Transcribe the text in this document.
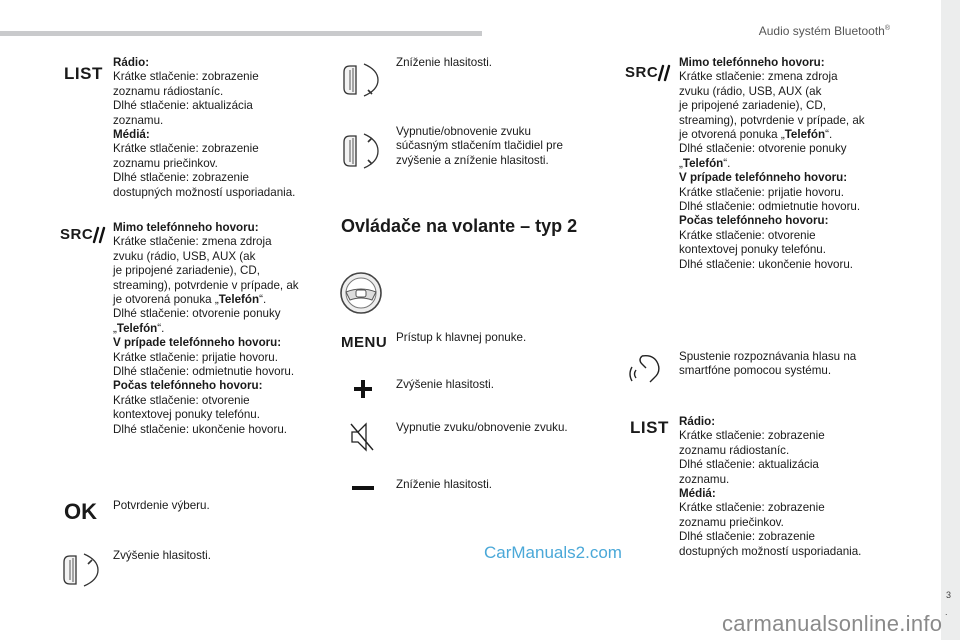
Audio systém Bluetooth®
.
3
LIST
Rádio:
Krátke stlačenie: zobrazenie
zoznamu rádiostaníc.
Dlhé stlačenie: aktualizácia
zoznamu.
Médiá:
Krátke stlačenie: zobrazenie
zoznamu priečinkov.
Dlhé stlačenie: zobrazenie
dostupných možností usporiadania.
SRC	Mimo telefónneho hovoru:
Krátke stlačenie: zmena zdroja
zvuku (rádio, USB, AUX (ak
je pripojené zariadenie), CD,
streaming), potvrdenie v prípade, ak
je otvorená ponuka „Telefón“.
Dlhé stlačenie: otvorenie ponuky
„Telefón“.
V prípade telefónneho hovoru:
Krátke stlačenie: prijatie hovoru.
Dlhé stlačenie: odmietnutie hovoru.
Počas telefónneho hovoru:
Krátke stlačenie: otvorenie
kontextovej ponuky telefónu.
Dlhé stlačenie: ukončenie hovoru.
OK Potvrdenie výberu.
Zvýšenie hlasitosti.
Zníženie hlasitosti.
Vypnutie/obnovenie zvuku
súčasným stlačením tlačidiel pre
zvýšenie a zníženie hlasitosti.
Ovládače na volante – typ 2
MENU Prístup k hlavnej ponuke.
Zvýšenie hlasitosti.
Vypnutie zvuku/obnovenie zvuku.
Zníženie hlasitosti.
SRC
Mimo telefónneho hovoru:
Krátke stlačenie: zmena zdroja
zvuku (rádio, USB, AUX (ak
je pripojené zariadenie), CD,
streaming), potvrdenie v prípade, ak
je otvorená ponuka „Telefón“.
Dlhé stlačenie: otvorenie ponuky
„Telefón“.
V prípade telefónneho hovoru:
Krátke stlačenie: prijatie hovoru.
Dlhé stlačenie: odmietnutie hovoru.
Počas telefónneho hovoru:
Krátke stlačenie: otvorenie
kontextovej ponuky telefónu.
Dlhé stlačenie: ukončenie hovoru.
Spustenie rozpoznávania hlasu na
smartfóne pomocou systému.
LIST Rádio:
Krátke stlačenie: zobrazenie
zoznamu rádiostaníc.
Dlhé stlačenie: aktualizácia
zoznamu.
Médiá:
Krátke stlačenie: zobrazenie
zoznamu priečinkov.
Dlhé stlačenie: zobrazenie
dostupných možností usporiadania.
CarManuals2.com
carmanualsonline.info
